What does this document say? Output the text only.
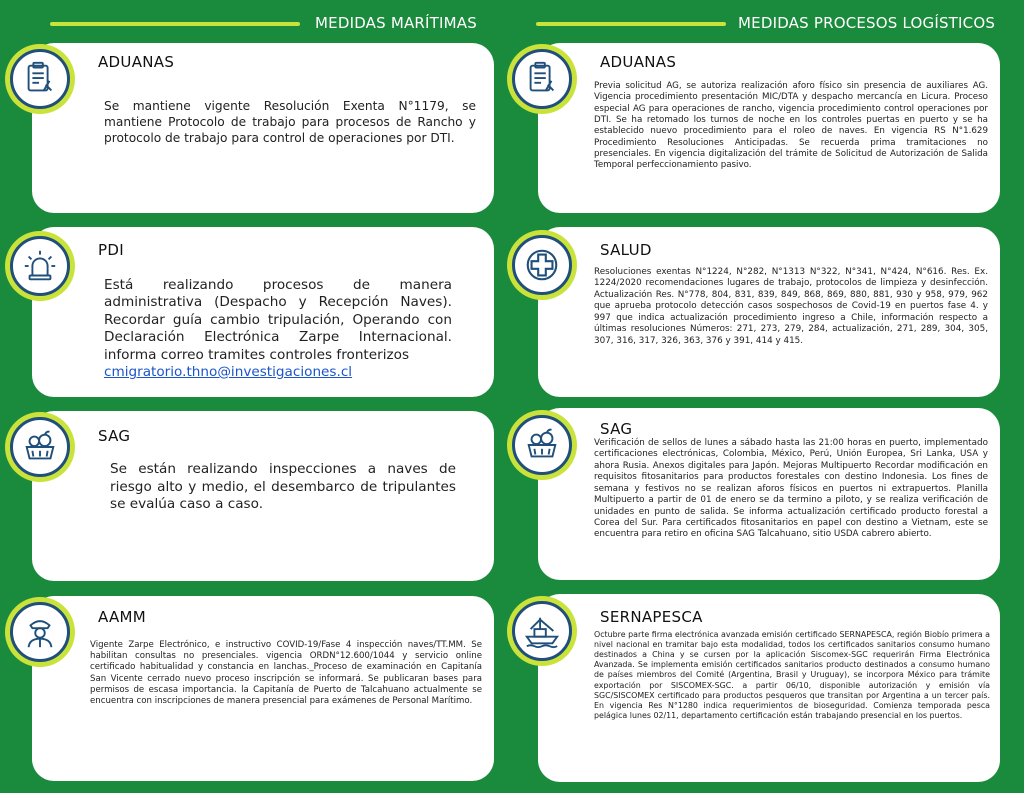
MEDIDAS MARÍTIMAS	MEDIDAS PROCESOS LOGÍSTICOS
ADUANAS
Se mantiene vigente Resolución Exenta N°1179, se mantiene Protocolo de trabajo para procesos de Rancho y protocolo de trabajo para control de operaciones por DTI.
PDI
Está realizando procesos de manera administrativa (Despacho y Recepción Naves). Recordar guía cambio tripulación, Operando con Declaración Electrónica Zarpe Internacional. informa correo tramites controles fronterizos
cmigratorio.thno@investigaciones.cl
SAG
Se están realizando inspecciones a naves de riesgo alto y medio, el desembarco de tripulantes se evalúa caso a caso.
AAMM
Vigente Zarpe Electrónico, e instructivo COVID-19/Fase 4 inspección naves/TT.MM. Se habilitan consultas no presenciales. vigencia ORDN°12.600/1044 y servicio online certificado habitualidad y constancia en lanchas._Proceso de examinación en Capitanía San Vicente cerrado nuevo proceso inscripción se informará. Se publicaran bases para permisos de escasa importancia. la Capitanía de Puerto de Talcahuano actualmente se encuentra con inscripciones de manera presencial para exámenes de Personal Marítimo.
ADUANAS
Previa solicitud AG, se autoriza realización aforo físico sin presencia de auxiliares AG. Vigencia procedimiento presentación MIC/DTA y despacho mercancía en Licura. Proceso especial AG para operaciones de rancho, vigencia procedimiento control operaciones por DTI. Se ha retomado los turnos de noche en los controles puertas en puerto y se ha establecido nuevo procedimiento para el roleo de naves. En vigencia RS N°1.629 Procedimiento Resoluciones Anticipadas. Se recuerda prima tramitaciones no presenciales. En vigencia digitalización del trámite de Solicitud de Autorización de Salida Temporal perfeccionamiento pasivo.
SALUD
Resoluciones exentas N°1224, N°282, N°1313 N°322, N°341, N°424, N°616. Res. Ex. 1224/2020 recomendaciones lugares de trabajo, protocolos de limpieza y desinfección. Actualización Res. N°778, 804, 831, 839, 849, 868, 869, 880, 881, 930 y 958, 979, 962 que aprueba protocolo detección casos sospechosos de Covid-19 en puertos fase 4. y 997 que indica actualización procedimiento ingreso a Chile, información respecto a últimas resoluciones Números: 271, 273, 279, 284, actualización, 271, 289, 304, 305, 307, 316, 317, 326, 363, 376 y 391, 414 y 415.
SAG
Verificación de sellos de lunes a sábado hasta las 21:00 horas en puerto, implementado certificaciones electrónicas, Colombia, México, Perú, Unión Europea, Sri Lanka, USA y ahora Rusia. Anexos digitales para Japón. Mejoras Multipuerto Recordar modificación en requisitos fitosanitarios para productos forestales con destino Indonesia. Los fines de semana y festivos no se realizan aforos físicos en puertos ni extrapuertos. Planilla Multipuerto a partir de 01 de enero se da termino a piloto, y se realiza verificación de unidades en punto de salida. Se informa actualización certificado producto forestal a Corea del Sur. Para certificados fitosanitarios en papel con destino a Vietnam, este se encuentra para retiro en oficina SAG Talcahuano, sitio USDA cabrero abierto.
SERNAPESCA
Octubre parte firma electrónica avanzada emisión certificado SERNAPESCA, región Biobío primera a nivel nacional en tramitar bajo esta modalidad, todos los certificados sanitarios consumo humano destinados a China y se cursen por la aplicación Siscomex-SGC requerirán Firma Electrónica Avanzada. Se implementa emisión certificados sanitarios producto destinados a consumo humano de países miembros del Comité (Argentina, Brasil y Uruguay), se incorpora México para trámite exportación por SISCOMEX-SGC. a partir 06/10, disponible autorización y emisión vía SGC/SISCOMEX certificado para productos pesqueros que transitan por Argentina a un tercer país. En vigencia Res N°1280 indica requerimientos de bioseguridad. Comienza temporada pesca pelágica lunes 02/11, departamento certificación están trabajando presencial en los puertos.
